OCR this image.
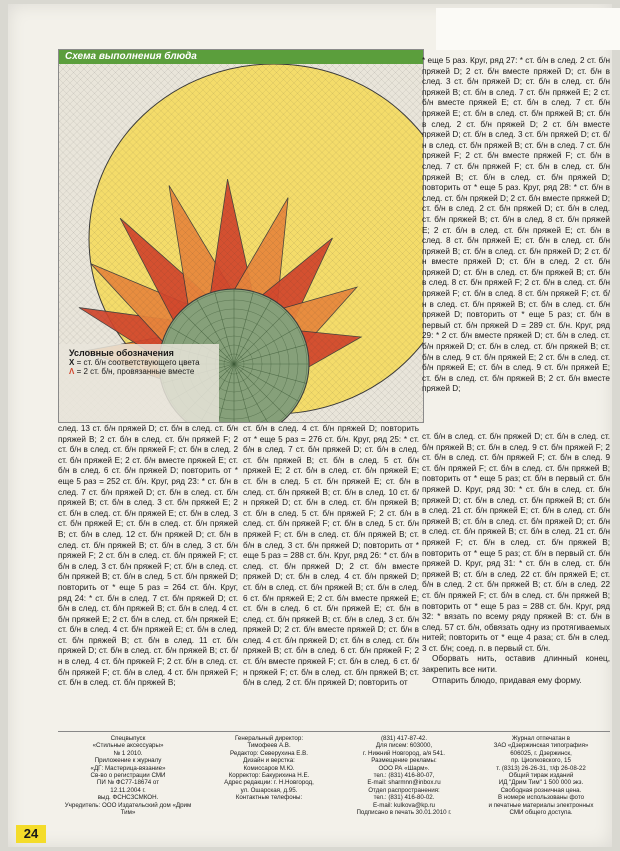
Схема выполнения блюда
Условные обозначения
Х = ст. б/н соответствующего цвета
Λ = 2 ст. б/н, провязанные вместе
* еще 5 раз. Круг, ряд 27: * ст. б/н в след. 2 ст. б/н пряжей D; 2 ст. б/н вместе пряжей D; ст. б/н в след. 3 ст. б/н пряжей D; ст. б/н в след. ст. б/н пряжей В; ст. б/н в след. 7 ст. б/н пряжей Е; 2 ст. б/н вместе пряжей Е; ст. б/н в след. 7 ст. б/н пряжей Е; ст. б/н в след. ст. б/н пряжей В; ст. б/н в след. 2 ст. б/н пряжей D; 2 ст. б/н вместе пряжей D; ст. б/н в след. 3 ст. б/н пряжей D; ст. б/н в след. ст. б/н пряжей В; ст. б/н в след. 7 ст. б/н пряжей F; 2 ст. б/н вместе пряжей F; ст. б/н в след. 7 ст. б/н пряжей F; ст. б/н в след. ст. б/н пряжей В; ст. б/н в след. ст. б/н пряжей D; повторить от * еще 5 раз. Круг, ряд 28: * ст. б/н в след. ст. б/н пряжей D; 2 ст. б/н вместе пряжей D; ст. б/н в след. 2 ст. б/н пряжей D; ст. б/н в след. ст. б/н пряжей В; ст. б/н в след. 8 ст. б/н пряжей Е; 2 ст. б/н в след. ст. б/н пряжей Е; ст. б/н в след. 8 ст. б/н пряжей Е; ст. б/н в след. ст. б/н пряжей В; ст. б/н в след. ст. б/н пряжей D; 2 ст. б/н вместе пряжей D; ст. б/н в след. 2 ст. б/н пряжей D; ст. б/н в след. ст. б/н пряжей В; ст. б/н в след. 8 ст. б/н пряжей F; 2 ст. б/н в след. ст. б/н пряжей F; ст. б/н в след. 8 ст. б/н пряжей F; ст. б/н в след. ст. б/н пряжей В; ст. б/н в след. ст. б/н пряжей D; повторить от * еще 5 раз; ст. б/н в первый ст. б/н пряжей D = 289 ст. б/н. Круг, ряд 29: * 2 ст. б/н вместе пряжей D; ст. б/н в след. ст. б/н пряжей D; ст. б/н в след. ст. б/н пряжей В; ст. б/н в след. 9 ст. б/н пряжей Е; 2 ст. б/н в след. ст. б/н пряжей Е; ст. б/н в след. 9 ст. б/н пряжей Е; ст. б/н в след. ст. б/н пряжей В; 2 ст. б/н вместе пряжей D;
ст. б/н в след. ст. б/н пряжей D; ст. б/н в след. ст. б/н пряжей В; ст. б/н в след. 9 ст. б/н пряжей F; 2 ст. б/н в след. ст. б/н пряжей F; ст. б/н в след. 9 ст. б/н пряжей F; ст. б/н в след. ст. б/н пряжей В; повторить от * еще 5 раз; ст. б/н в первый ст. б/н пряжей D. Круг, ряд 30: * ст. б/н в след. ст. б/н пряжей D; ст. б/н в след. ст. б/н пряжей В; ст. б/н в след. 21 ст. б/н пряжей Е; ст. б/н в след. ст. б/н пряжей В; ст. б/н в след. ст. б/н пряжей D; ст. б/н в след. ст. б/н пряжей В; ст. б/н в след. 21 ст. б/н пряжей F; ст. б/н в след. ст. б/н пряжей В; повторить от * еще 5 раз; ст. б/н в первый ст. б/н пряжей D. Круг, ряд 31: * ст. б/н в след. ст. б/н пряжей В; ст. б/н в след. 22 ст. б/н пряжей Е; ст. б/н в след. 2 ст. б/н пряжей В; ст. б/н в след. 22 ст. б/н пряжей F; ст. б/н в след. ст. б/н пряжей В; повторить от * еще 5 раз = 288 ст. б/н. Круг, ряд 32: * вязать по всему ряду пряжей В: ст. б/н в след. 57 ст. б/н, обвязать одну из протягиваемых нитей; повторить от * еще 4 раза; ст. б/н в след. 3 ст. б/н; соед. п. в первый ст. б/н.
Оборвать нить, оставив длинный конец, закрепить все нити.
Отпарить блюдо, придавая ему форму.
след. 13 ст. б/н пряжей D; ст. б/н в след. ст. б/н пряжей В; 2 ст. б/н в след. ст. б/н пряжей F; 2 ст. б/н в след. ст. б/н пряжей F; ст. б/н в след. 2 ст. б/н пряжей Е; 2 ст. б/н вместе пряжей Е; ст. б/н в след. 6 ст. б/н пряжей D; повторить от * еще 5 раз = 252 ст. б/н. Круг, ряд 23: * ст. б/н в след. 7 ст. б/н пряжей D; ст. б/н в след. ст. б/н пряжей В; ст. б/н в след. 3 ст. б/н пряжей Е; 2 ст. б/н в след. ст. б/н пряжей Е; ст. б/н в след. 3 ст. б/н пряжей Е; ст. б/н в след. ст. б/н пряжей В; ст. б/н в след. 12 ст. б/н пряжей D; ст. б/н в след. ст. б/н пряжей В; ст. б/н в след. 3 ст. б/н пряжей F; 2 ст. б/н в след. ст. б/н пряжей F; ст. б/н в след. 3 ст. б/н пряжей F; ст. б/н в след. ст. б/н пряжей В; ст. б/н в след. 5 ст. б/н пряжей D; повторить от * еще 5 раз = 264 ст. б/н. Круг, ряд 24: * ст. б/н в след. 7 ст. б/н пряжей D; ст. б/н в след. ст. б/н пряжей В; ст. б/н в след. 4 ст. б/н пряжей Е; 2 ст. б/н в след. ст. б/н пряжей Е; ст. б/н в след. 4 ст. б/н пряжей Е; ст. б/н в след. ст. б/н пряжей В; ст. б/н в след. 11 ст. б/н пряжей D; ст. б/н в след. ст. б/н пряжей В; ст. б/н в след. 4 ст. б/н пряжей F; 2 ст. б/н в след. ст. б/н пряжей F; ст. б/н в след. 4 ст. б/н пряжей F; ст. б/н в след. ст. б/н пряжей В;
ст. б/н в след. 4 ст. б/н пряжей D; повторить от * еще 5 раз = 276 ст. б/н. Круг, ряд 25: * ст. б/н в след. 7 ст. б/н пряжей D; ст. б/н в след. ст. б/н пряжей В; ст. б/н в след. 5 ст. б/н пряжей Е; 2 ст. б/н в след. ст. б/н пряжей Е; ст. б/н в след. 5 ст. б/н пряжей Е; ст. б/н в след. ст. б/н пряжей В; ст. б/н в след. 10 ст. б/н пряжей D; ст. б/н в след. ст. б/н пряжей В; ст. б/н в след. 5 ст. б/н пряжей F; 2 ст. б/н в след. ст. б/н пряжей F; ст. б/н в след. 5 ст. б/н пряжей F; ст. б/н в след. ст. б/н пряжей В; ст. б/н в след. 3 ст. б/н пряжей D; повторить от * еще 5 раз = 288 ст. б/н. Круг, ряд 26: * ст. б/н в след. ст. б/н пряжей D; 2 ст. б/н вместе пряжей D; ст. б/н в след. 4 ст. б/н пряжей D; ст. б/н в след. ст. б/н пряжей В; ст. б/н в след. 6 ст. б/н пряжей Е; 2 ст. б/н вместе пряжей Е; ст. б/н в след. 6 ст. б/н пряжей Е; ст. б/н в след. ст. б/н пряжей В; ст. б/н в след. 3 ст. б/н пряжей D; 2 ст. б/н вместе пряжей D; ст. б/н в след. 4 ст. б/н пряжей D; ст. б/н в след. ст. б/н пряжей В; ст. б/н в след. 6 ст. б/н пряжей F; 2 ст. б/н вместе пряжей F; ст. б/н в след. 6 ст. б/н пряжей F; ст. б/н в след. ст. б/н пряжей В; ст. б/н в след. 2 ст. б/н пряжей D; повторить от
Спецвыпуск
«Стильные аксессуары»
№ 1 2010.
Приложение к журналу
«ДГ: Мастерица-вязание»
Св-во о регистрации СМИ
ПИ № ФС77-18674 от
12.11.2004 г.
выд. ФСНСЗСМКОН.
Учредитель: ООО Издательский дом «Дрим Тим»
Генеральный директор:
Тимофеев А.В.
Редактор: Северухина Е.В.
Дизайн и верстка:
Комиссаров М.Ю.
Корректор: Бакурихина Н.Е.
Адрес редакции: г. Н.Новгород,
ул. Ошарская, д.95.
Контактные телефоны:
(831) 417-87-42.
Для писем: 603000,
г. Нижний Новгород, а/я 541.
Размещение рекламы:
ООО РА «Шарм».
тел.: (831) 416-80-07,
E-mail: sharmnn@inbox.ru
Отдел распространения:
тел.: (831) 416-80-02.
E-mail: kulkova@kp.ru
Подписано в печать 30.01.2010 г.
Журнал отпечатан в
ЗАО «Дзержинская типография»
606025, г. Дзержинск,
пр. Циолковского, 15
т. (8313) 26-26-31, т/ф 26-08-22
Общий тираж изданий
ИД "Дрим Тим" 1 500 000 экз.
Свободная розничная цена.
В номере использованы фото
и печатные материалы электронных
СМИ общего доступа.
24
